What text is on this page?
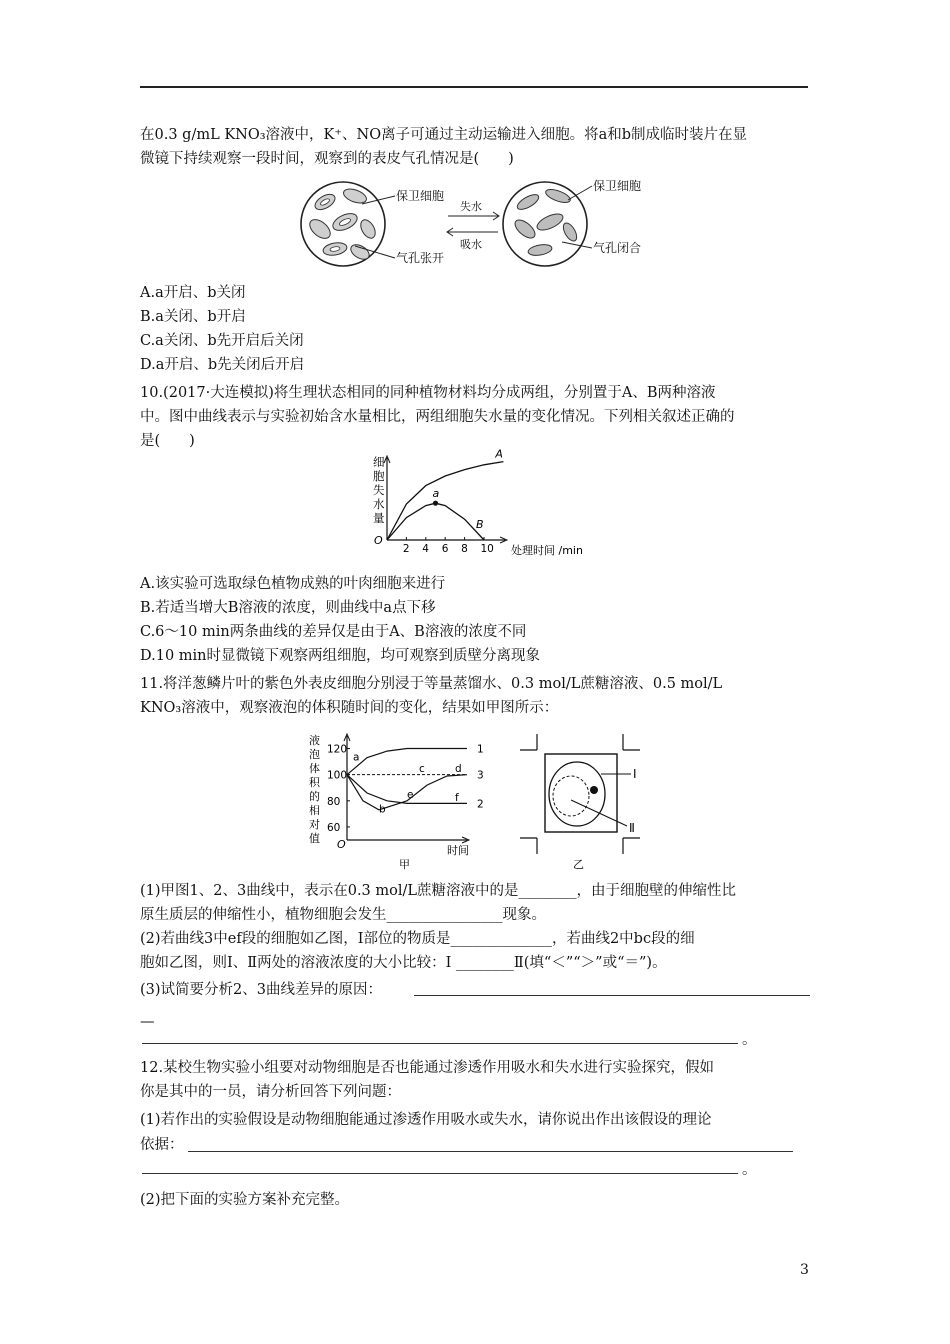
在0.3 g/mL KNO₃溶液中，K⁺、NO离子可通过主动运输进入细胞。将a和b制成临时装片在显
微镜下持续观察一段时间，观察到的表皮气孔情况是(　　)
保卫细胞
气孔张开
失水
吸水
保卫细胞
气孔闭合
A.a开启、b关闭
B.a关闭、b开启
C.a关闭、b先开启后关闭
D.a开启、b先关闭后开启
10.(2017·大连模拟)将生理状态相同的同种植物材料均分成两组，分别置于A、B两种溶液
中。图中曲线表示与实验初始含水量相比，两组细胞失水量的变化情况。下列相关叙述正确的
是(　　)
细
胞
失
水
量
O
2 4 6 8 10 处理时间 /min
A
B
a
A.该实验可选取绿色植物成熟的叶肉细胞来进行
B.若适当增大B溶液的浓度，则曲线中a点下移
C.6～10 min两条曲线的差异仅是由于A、B溶液的浓度不同
D.10 min时显微镜下观察两组细胞，均可观察到质壁分离现象
11.将洋葱鳞片叶的紫色外表皮细胞分别浸于等量蒸馏水、0.3 mol/L蔗糖溶液、0.5 mol/L
KNO₃溶液中，观察液泡的体积随时间的变化，结果如甲图所示：
液
泡
体
积
的
相
对
值 O	时间
甲
60
80
100
120	1
2
3
a
b
c	d
e	f
Ⅰ
Ⅱ
乙
(1)甲图1、2、3曲线中，表示在0.3 mol/L蔗糖溶液中的是________，由于细胞壁的伸缩性比
原生质层的伸缩性小，植物细胞会发生________________现象。
(2)若曲线3中ef段的细胞如乙图，Ⅰ部位的物质是______________，若曲线2中bc段的细
胞如乙图，则Ⅰ、Ⅱ两处的溶液浓度的大小比较：Ⅰ ________Ⅱ(填“＜”“＞”或“＝”)。
(3)试简要分析2、3曲线差异的原因：
—
。
12.某校生物实验小组要对动物细胞是否也能通过渗透作用吸水和失水进行实验探究，假如
你是其中的一员，请分析回答下列问题：
(1)若作出的实验假设是动物细胞能通过渗透作用吸水或失水，请你说出作出该假设的理论
依据：
。
(2)把下面的实验方案补充完整。
3
